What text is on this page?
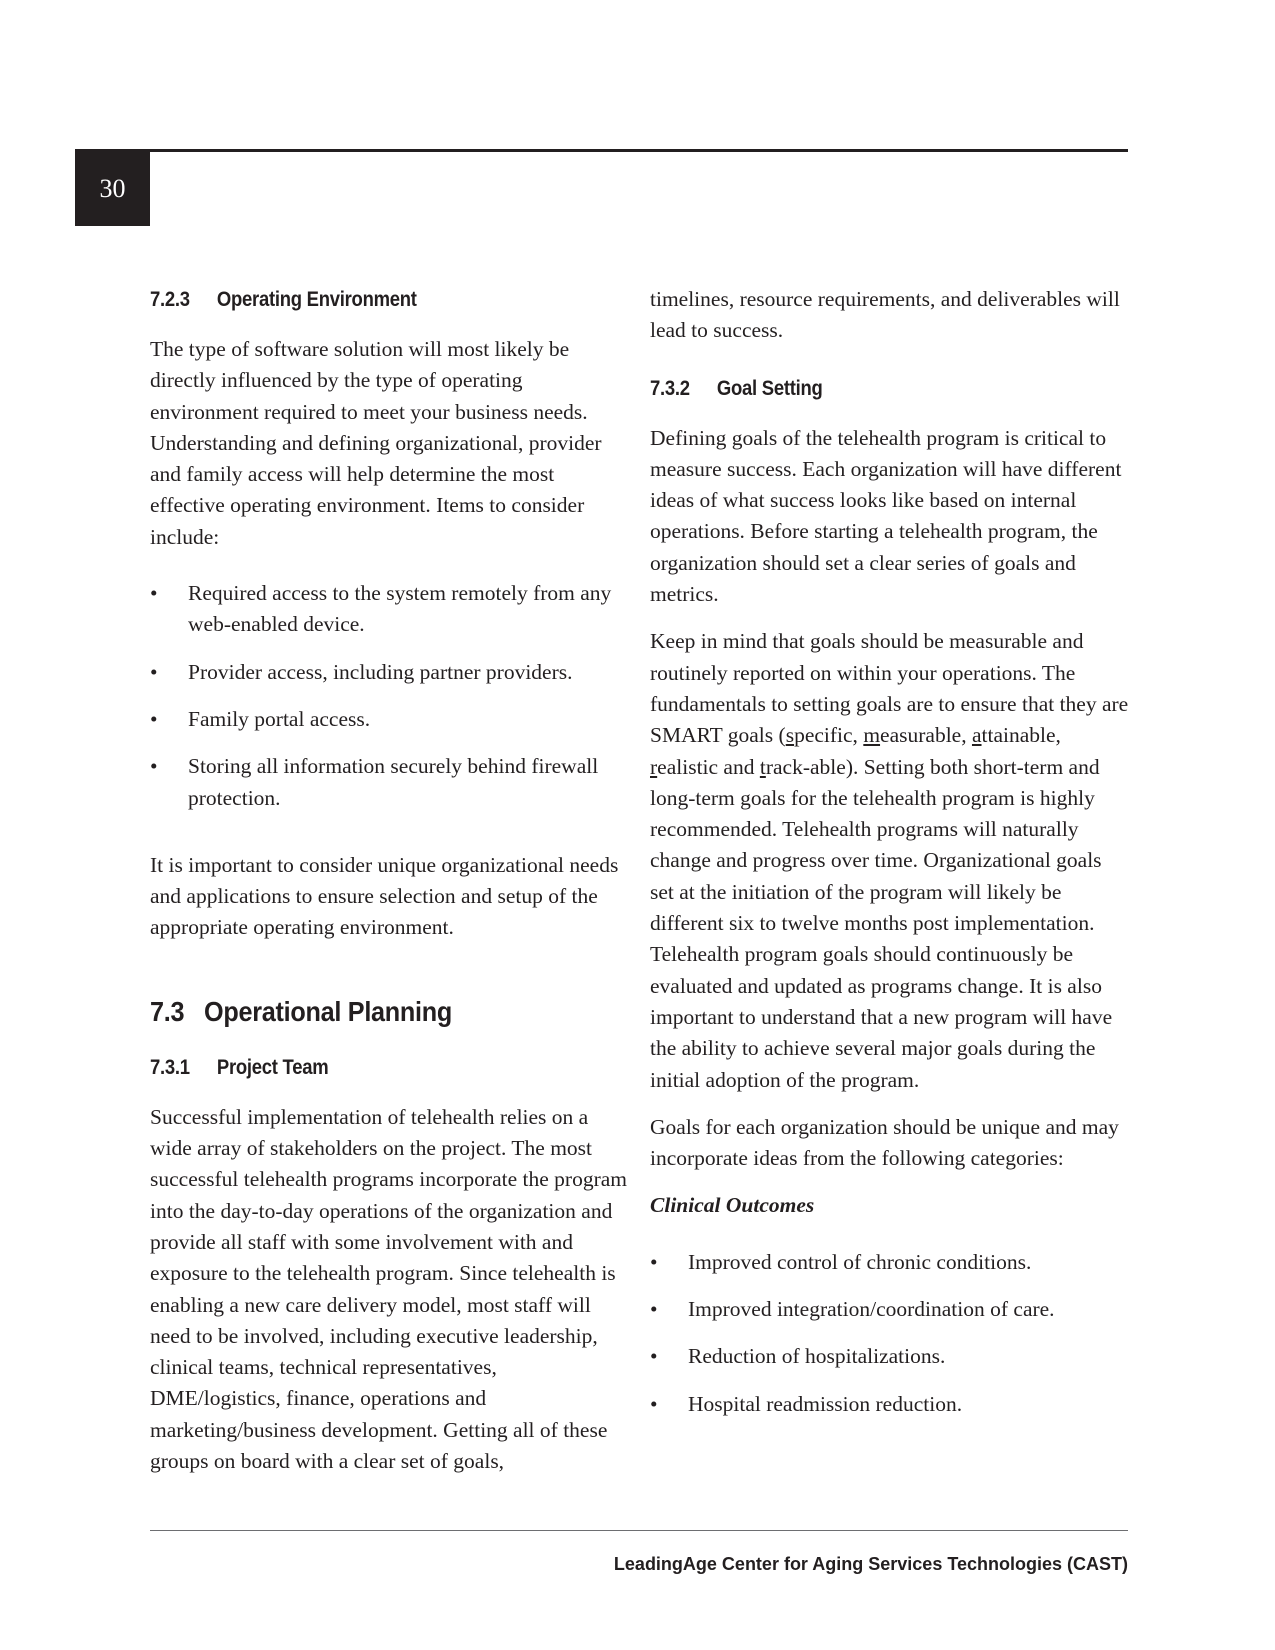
30
7.2.3 Operating Environment

The type of software solution will most likely be directly influenced by the type of operating environment required to meet your business needs. Understanding and defining organizational, provider and family access will help determine the most effective operating environment. Items to consider include:

• Required access to the system remotely from any web-enabled device.
• Provider access, including partner providers.
• Family portal access.
• Storing all information securely behind firewall protection.

It is important to consider unique organizational needs and applications to ensure selection and setup of the appropriate operating environment.

7.3 Operational Planning
7.3.1 Project Team

Successful implementation of telehealth relies on a wide array of stakeholders on the project. The most successful telehealth programs incorporate the program into the day-to-day operations of the organization and provide all staff with some involvement with and exposure to the telehealth program. Since telehealth is enabling a new care delivery model, most staff will need to be involved, including executive leadership, clinical teams, technical representatives, DME/logistics, finance, operations and marketing/business development. Getting all of these groups on board with a clear set of goals,

timelines, resource requirements, and deliverables will lead to success.

7.3.2 Goal Setting

Defining goals of the telehealth program is critical to measure success. Each organization will have different ideas of what success looks like based on internal operations. Before starting a telehealth program, the organization should set a clear series of goals and metrics.

Keep in mind that goals should be measurable and routinely reported on within your operations. The fundamentals to setting goals are to ensure that they are SMART goals (specific, measurable, attainable, realistic and track-able). Setting both short-term and long-term goals for the telehealth program is highly recommended. Telehealth programs will naturally change and progress over time. Organizational goals set at the initiation of the program will likely be different six to twelve months post implementation. Telehealth program goals should continuously be evaluated and updated as programs change. It is also important to understand that a new program will have the ability to achieve several major goals during the initial adoption of the program.

Goals for each organization should be unique and may incorporate ideas from the following categories:

Clinical Outcomes

• Improved control of chronic conditions.
• Improved integration/coordination of care.
• Reduction of hospitalizations.
• Hospital readmission reduction.
LeadingAge Center for Aging Services Technologies (CAST)
